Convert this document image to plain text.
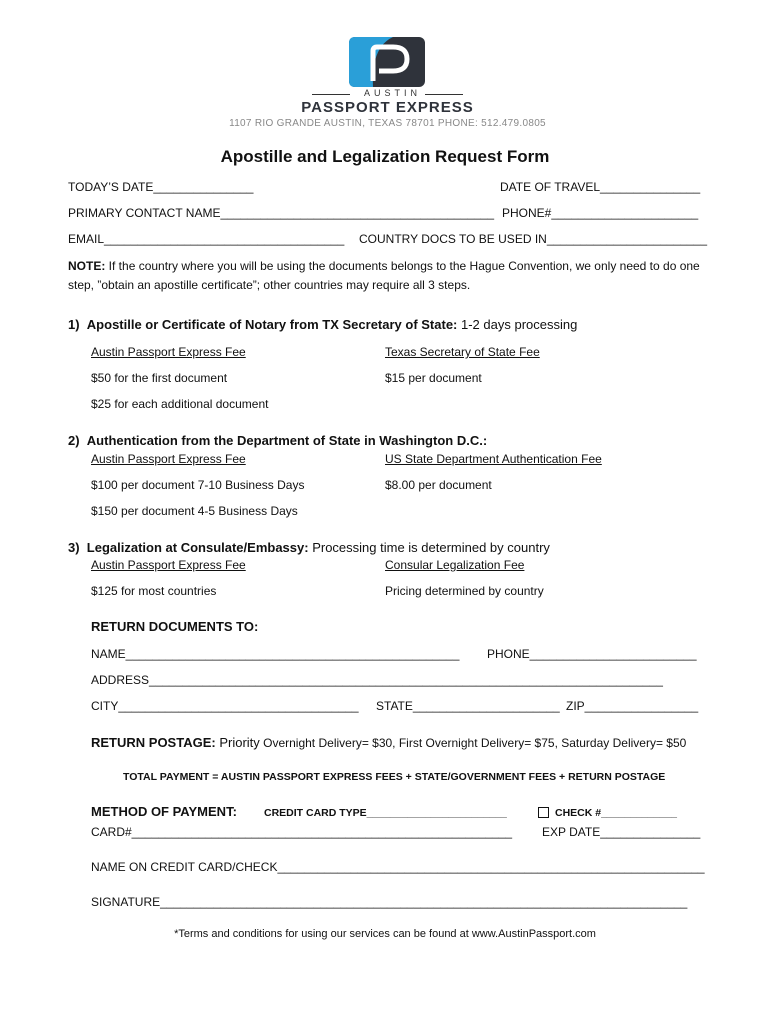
AUSTIN
PASSPORT EXPRESS
1107 RIO GRANDE AUSTIN, TEXAS 78701 PHONE: 512.479.0805
Apostille and Legalization Request Form
TODAY’S DATE_______________	DATE OF TRAVEL_______________
PRIMARY CONTACT NAME_________________________________________ PHONE#______________________
EMAIL____________________________________ COUNTRY DOCS TO BE USED IN________________________
NOTE: If the country where you will be using the documents belongs to the Hague Convention, we only need to do one step, ”obtain an apostille certificate”; other countries may require all 3 steps.
1) Apostille or Certificate of Notary from TX Secretary of State: 1-2 days processing
Austin Passport Express Fee	Texas Secretary of State Fee
$50 for the first document	$15 per document
$25 for each additional document
2) Authentication from the Department of State in Washington D.C.:
Austin Passport Express Fee	US State Department Authentication Fee
$100 per document 7-10 Business Days	$8.00 per document
$150 per document 4-5 Business Days
3) Legalization at Consulate/Embassy: Processing time is determined by country
Austin Passport Express Fee	Consular Legalization Fee
$125 for most countries	Pricing determined by country
RETURN DOCUMENTS TO:
NAME__________________________________________________ PHONE_________________________
ADDRESS_____________________________________________________________________________
CITY____________________________________ STATE______________________ ZIP_________________
RETURN POSTAGE: Priority Overnight Delivery= $30, First Overnight Delivery= $75, Saturday Delivery= $50
TOTAL PAYMENT = AUSTIN PASSPORT EXPRESS FEES + STATE/GOVERNMENT FEES + RETURN POSTAGE
METHOD OF PAYMENT:	CREDIT CARD TYPE________________________	CHECK #_____________
CARD#_________________________________________________________ EXP DATE_______________
NAME ON CREDIT CARD/CHECK________________________________________________________________
SIGNATURE_______________________________________________________________________________
*Terms and conditions for using our services can be found at www.AustinPassport.com
